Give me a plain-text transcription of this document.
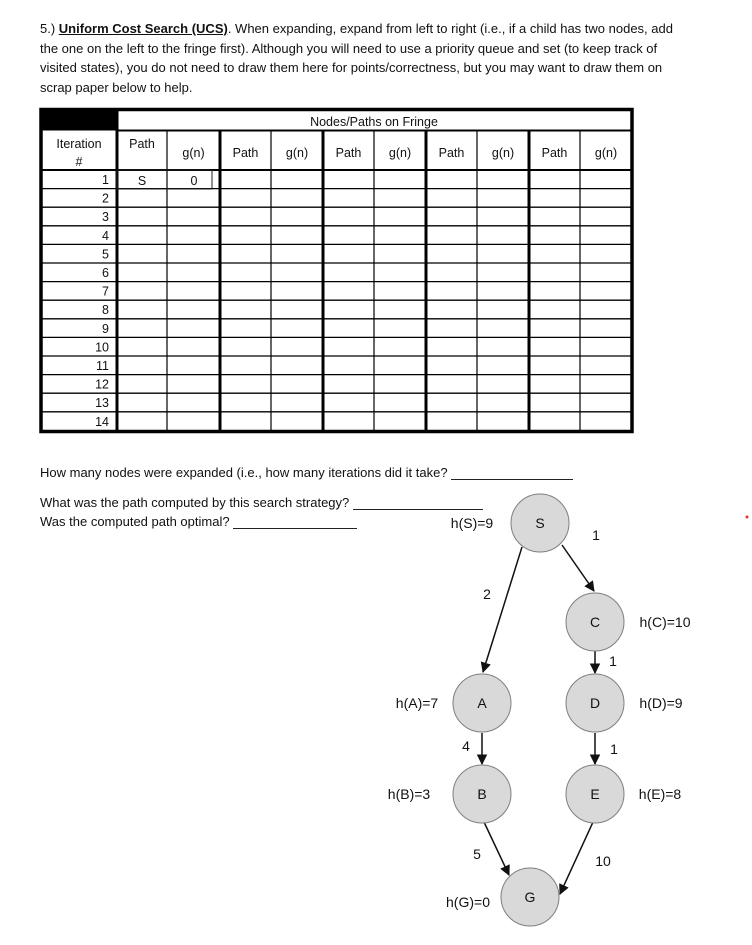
5.) Uniform Cost Search (UCS). When expanding, expand from left to right (i.e., if a child has two nodes, add the one on the left to the fringe first). Although you will need to use a priority queue and set (to keep track of visited states), you do not need to draw them here for points/correctness, but you may want to draw them on scrap paper below to help.
Nodes/Paths on Fringe
Iteration
#
Path
g(n) Path g(n) Path g(n) Path g(n) Path g(n)
1
2
3
4
5
6
7
8
9
10
11
12
13
14
S	0
How many nodes were expanded (i.e., how many iterations did it take?
What was the path computed by this search strategy?
Was the computed path optimal?
1
2
1
1
4
5	10
S
C
D
E
A
B
G
h(S)=9
h(C)=10
h(D)=9
h(E)=8
h(A)=7
h(B)=3
h(G)=0
